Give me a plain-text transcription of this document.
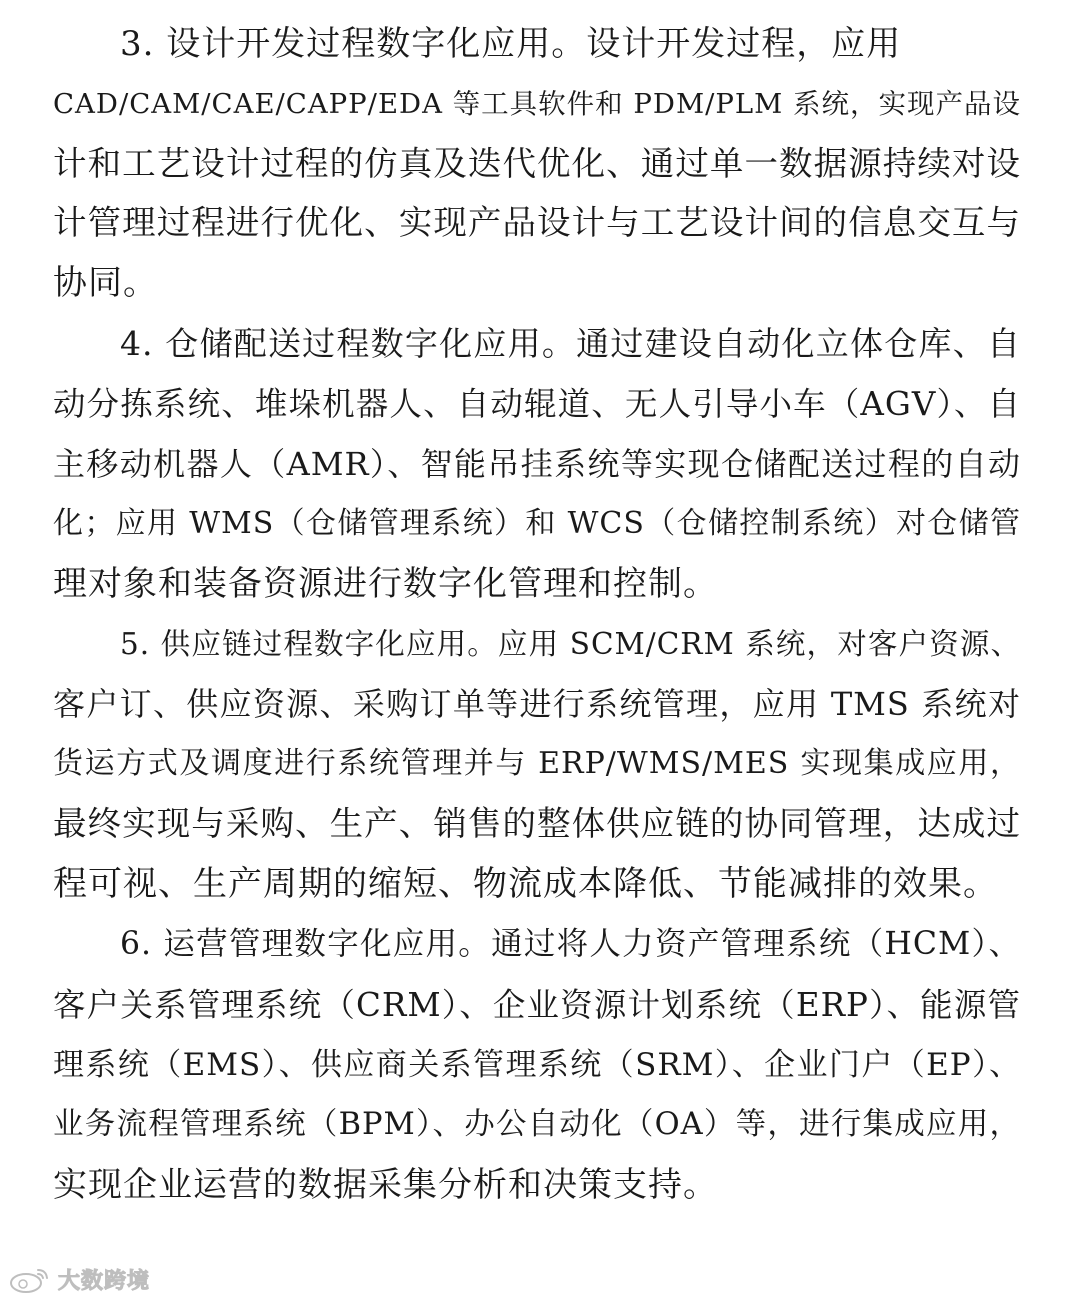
3. 设计开发过程数字化应用。设计开发过程，应用
CAD/CAM/CAE/CAPP/EDA 等工具软件和 PDM/PLM 系统，实现产品设
计和工艺设计过程的仿真及迭代优化、通过单一数据源持续对设
计管理过程进行优化、实现产品设计与工艺设计间的信息交互与
协同。
4. 仓储配送过程数字化应用。通过建设自动化立体仓库、自
动分拣系统、堆垛机器人、自动辊道、无人引导小车（AGV）、自
主移动机器人（AMR）、智能吊挂系统等实现仓储配送过程的自动
化；应用 WMS（仓储管理系统）和 WCS（仓储控制系统）对仓储管
理对象和装备资源进行数字化管理和控制。
5. 供应链过程数字化应用。应用 SCM/CRM 系统，对客户资源、
客户订、供应资源、采购订单等进行系统管理，应用 TMS 系统对
货运方式及调度进行系统管理并与 ERP/WMS/MES 实现集成应用，
最终实现与采购、生产、销售的整体供应链的协同管理，达成过
程可视、生产周期的缩短、物流成本降低、节能减排的效果。
6. 运营管理数字化应用。通过将人力资产管理系统（HCM）、
客户关系管理系统（CRM）、企业资源计划系统（ERP）、能源管
理系统（EMS）、供应商关系管理系统（SRM）、企业门户（EP）、
业务流程管理系统（BPM）、办公自动化（OA）等，进行集成应用，
实现企业运营的数据采集分析和决策支持。
大数跨境
